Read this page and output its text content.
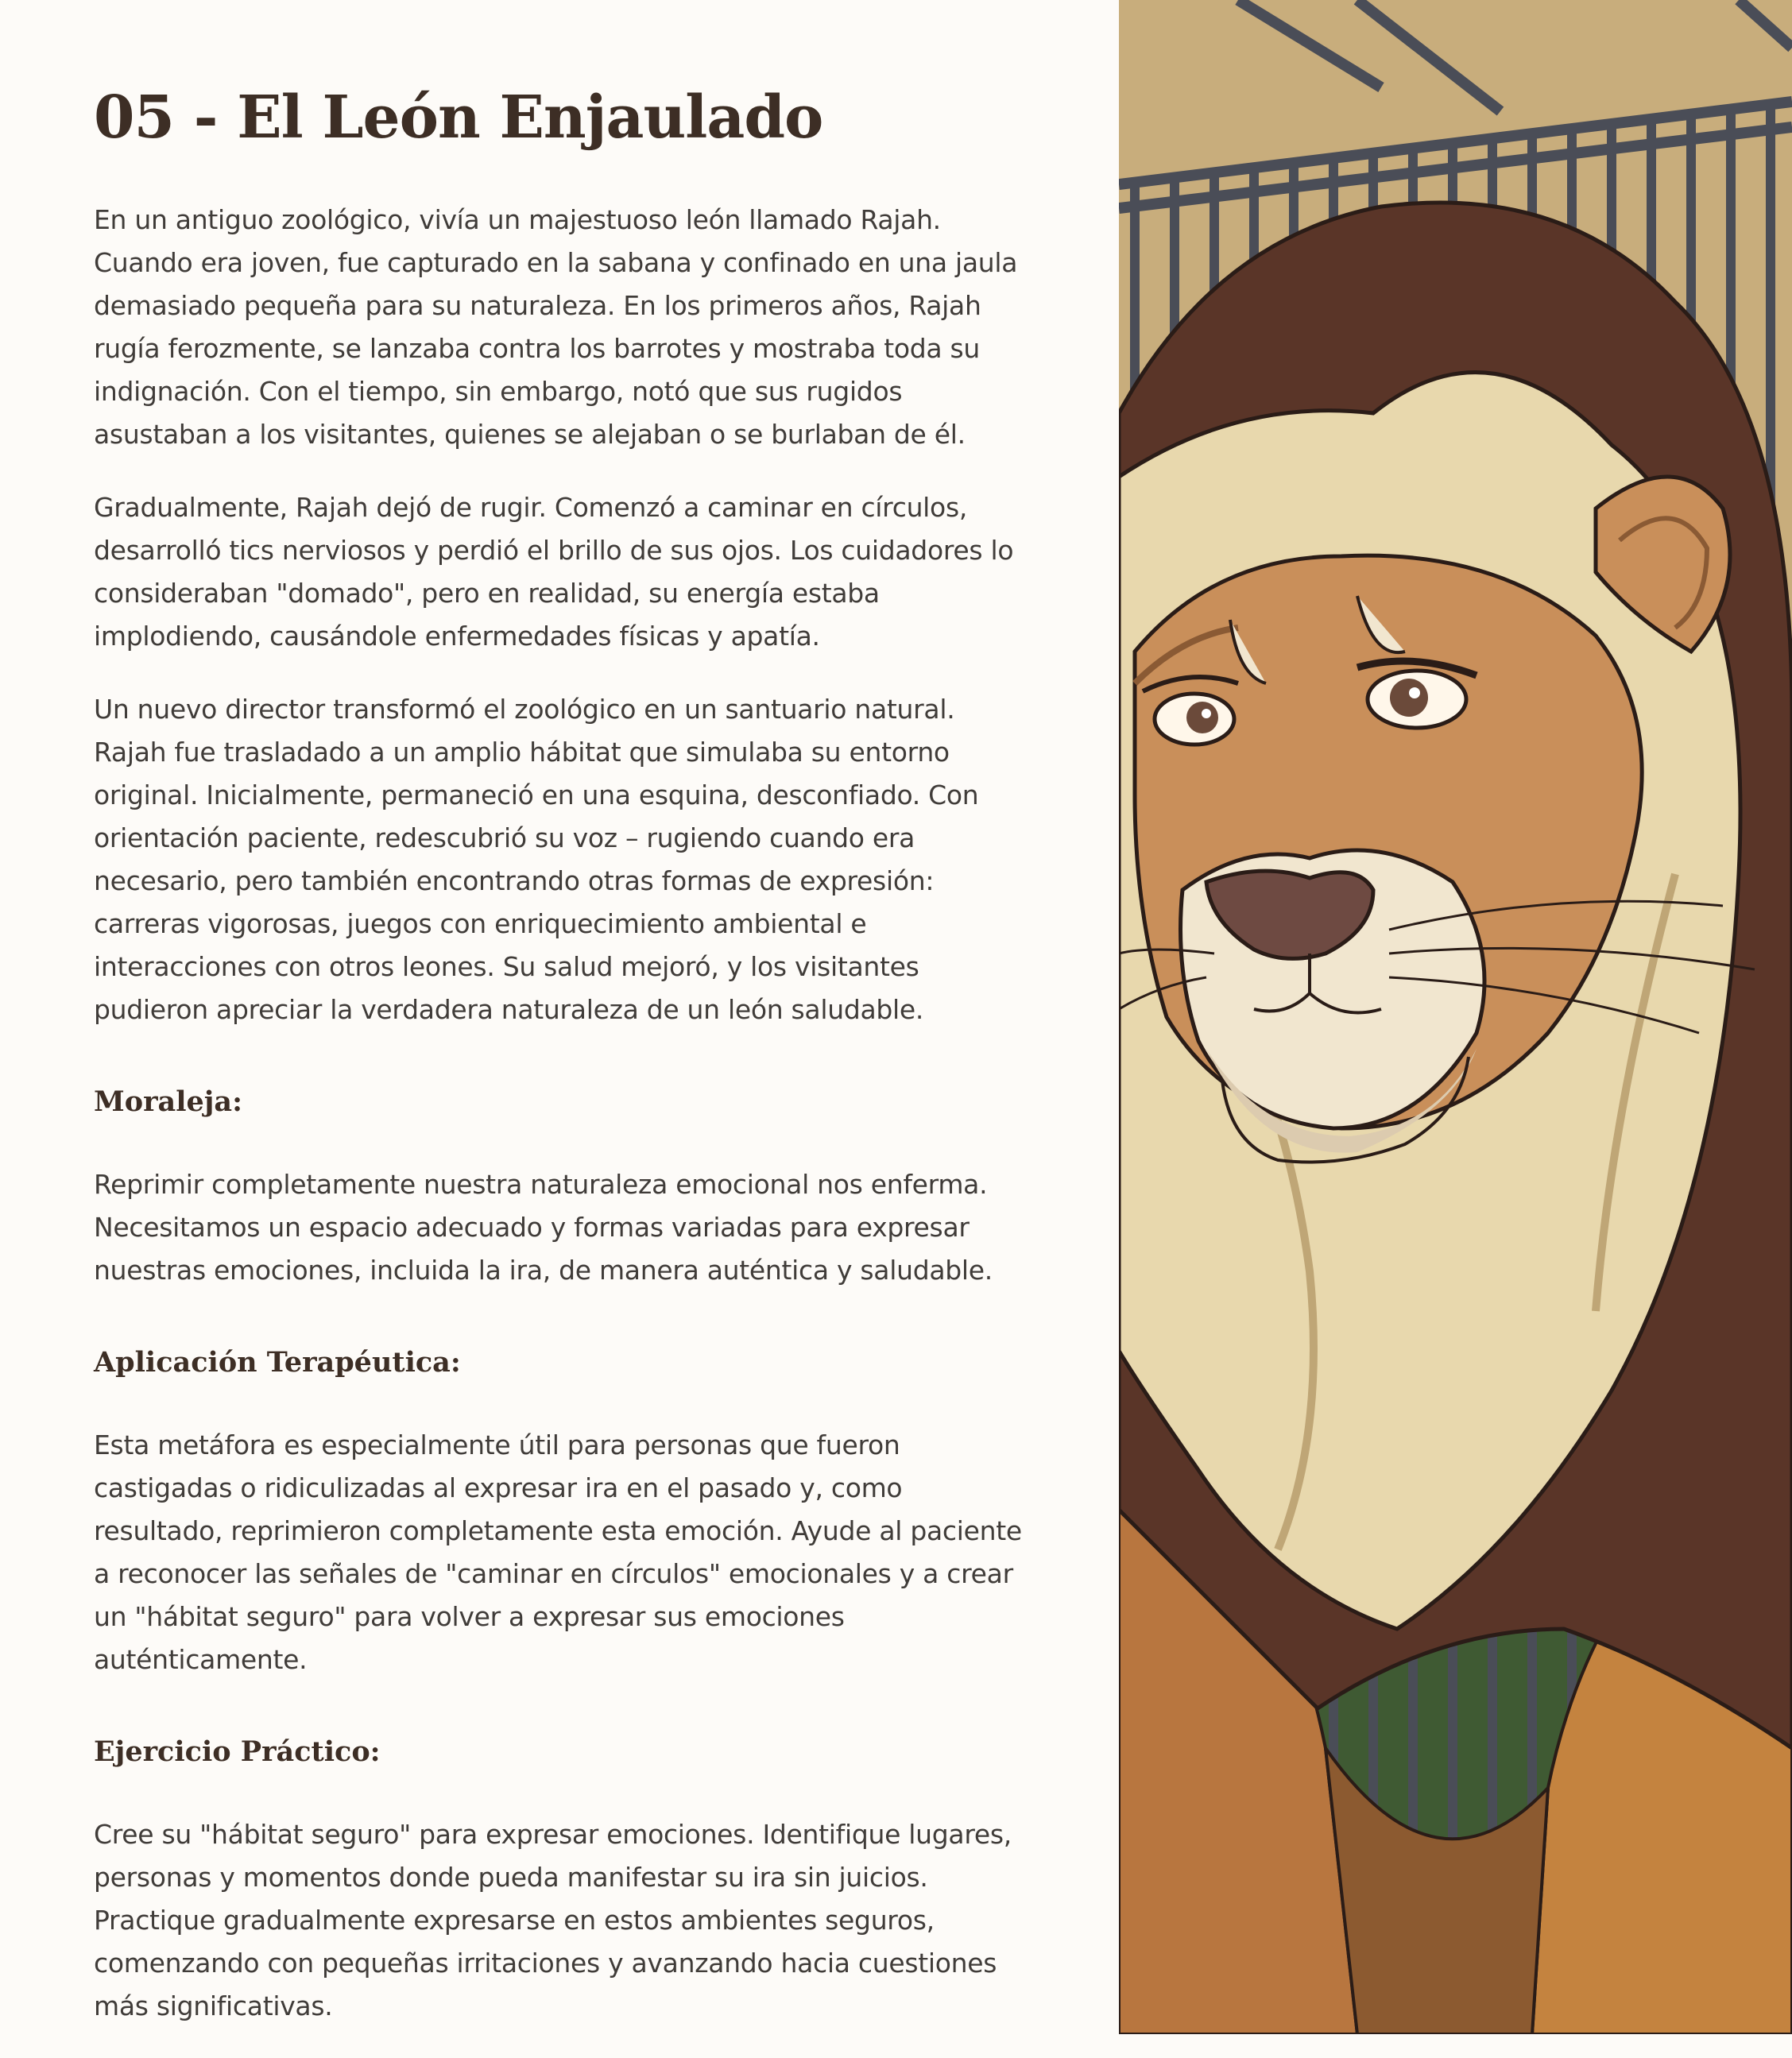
05 - El León Enjaulado

En un antiguo zoológico, vivía un majestuoso león llamado Rajah. Cuando era joven, fue capturado en la sabana y confinado en una jaula demasiado pequeña para su naturaleza. En los primeros años, Rajah rugía ferozmente, se lanzaba contra los barrotes y mostraba toda su indignación. Con el tiempo, sin embargo, notó que sus rugidos asustaban a los visitantes, quienes se alejaban o se burlaban de él.

Gradualmente, Rajah dejó de rugir. Comenzó a caminar en círculos, desarrolló tics nerviosos y perdió el brillo de sus ojos. Los cuidadores lo consideraban "domado", pero en realidad, su energía estaba implodiendo, causándole enfermedades físicas y apatía.

Un nuevo director transformó el zoológico en un santuario natural. Rajah fue trasladado a un amplio hábitat que simulaba su entorno original. Inicialmente, permaneció en una esquina, desconfiado. Con orientación paciente, redescubrió su voz – rugiendo cuando era necesario, pero también encontrando otras formas de expresión: carreras vigorosas, juegos con enriquecimiento ambiental e interacciones con otros leones. Su salud mejoró, y los visitantes pudieron apreciar la verdadera naturaleza de un león saludable.

Moraleja:

Reprimir completamente nuestra naturaleza emocional nos enferma. Necesitamos un espacio adecuado y formas variadas para expresar nuestras emociones, incluida la ira, de manera auténtica y saludable.

Aplicación Terapéutica:

Esta metáfora es especialmente útil para personas que fueron castigadas o ridiculizadas al expresar ira en el pasado y, como resultado, reprimieron completamente esta emoción. Ayude al paciente a reconocer las señales de "caminar en círculos" emocionales y a crear un "hábitat seguro" para volver a expresar sus emociones auténticamente.

Ejercicio Práctico:

Cree su "hábitat seguro" para expresar emociones. Identifique lugares, personas y momentos donde pueda manifestar su ira sin juicios. Practique gradualmente expresarse en estos ambientes seguros, comenzando con pequeñas irritaciones y avanzando hacia cuestiones más significativas.
